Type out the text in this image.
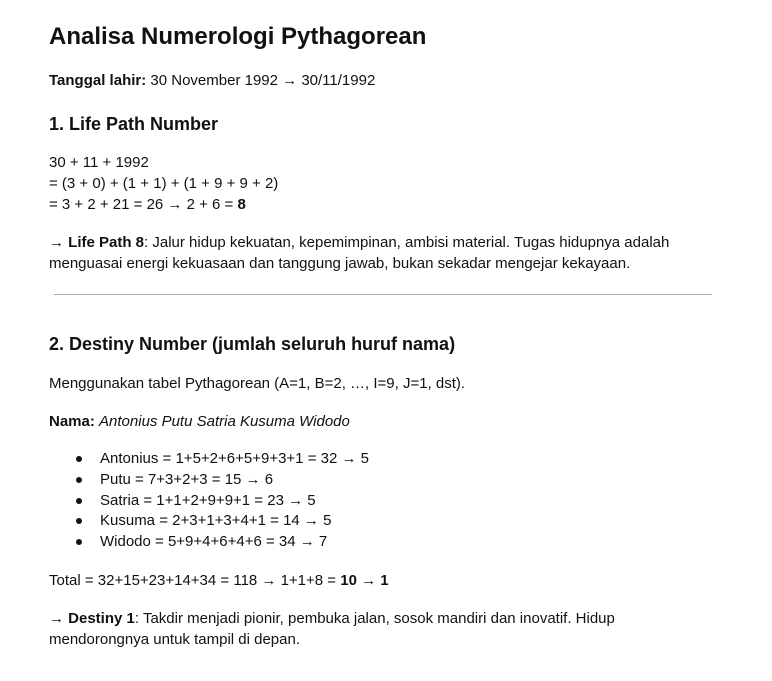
Analisa Numerologi Pythagorean

Tanggal lahir: 30 November 1992 → 30/11/1992

1. Life Path Number
30 + 11 + 1992
= (3 + 0) + (1 + 1) + (1 + 9 + 9 + 2)
= 3 + 2 + 21 = 26 → 2 + 6 = 8

→ Life Path 8: Jalur hidup kekuatan, kepemimpinan, ambisi material. Tugas hidupnya adalah menguasai energi kekuasaan dan tanggung jawab, bukan sekadar mengejar kekayaan.

2. Destiny Number (jumlah seluruh huruf nama)

Menggunakan tabel Pythagorean (A=1, B=2, …, I=9, J=1, dst).

Nama: Antonius Putu Satria Kusuma Widodo

Antonius = 1+5+2+6+5+9+3+1 = 32 → 5
Putu = 7+3+2+3 = 15 → 6
Satria = 1+1+2+9+9+1 = 23 → 5
Kusuma = 2+3+1+3+4+1 = 14 → 5
Widodo = 5+9+4+6+4+6 = 34 → 7

Total = 32+15+23+14+34 = 118 → 1+1+8 = 10 → 1

→ Destiny 1: Takdir menjadi pionir, pembuka jalan, sosok mandiri dan inovatif. Hidup mendorongnya untuk tampil di depan.
